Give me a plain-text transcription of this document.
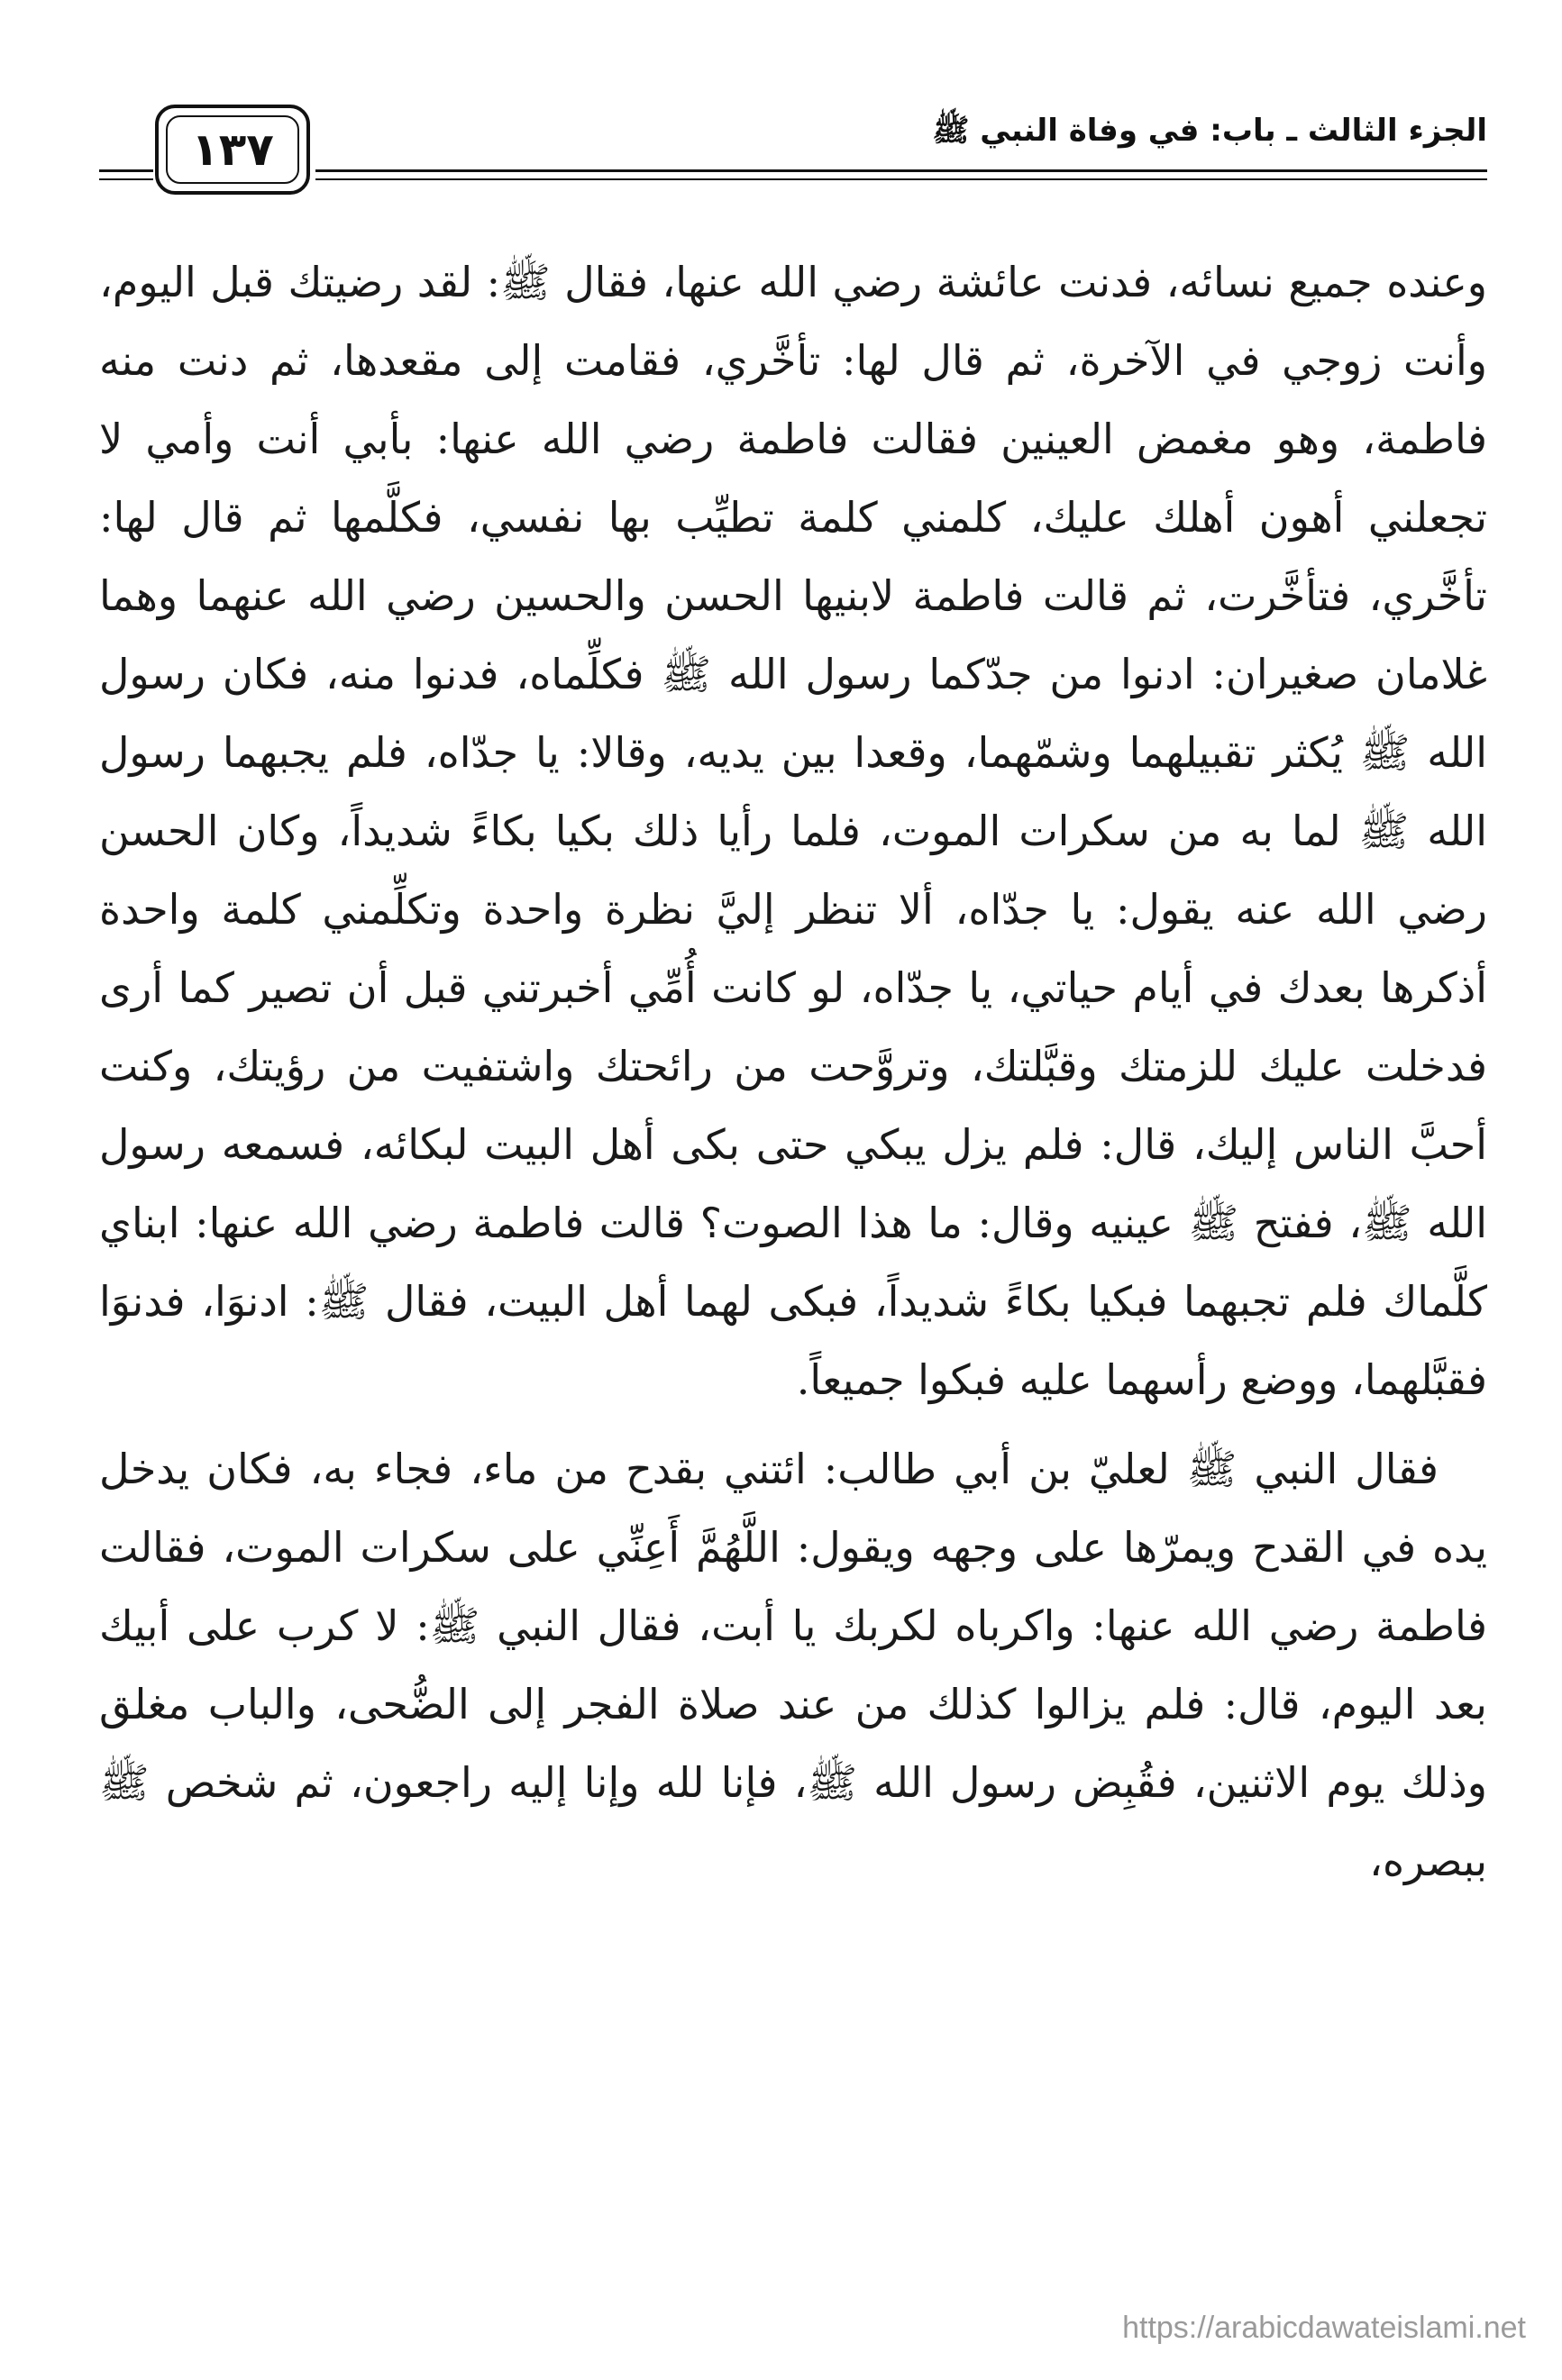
الجزء الثالث ـ باب: في وفاة النبي ﷺ
١٣٧

وعنده جميع نسائه، فدنت عائشة رضي الله عنها، فقال ﷺ: لقد رضيتك قبل اليوم، وأنت زوجي في الآخرة، ثم قال لها: تأخَّري، فقامت إلى مقعدها، ثم دنت منه فاطمة، وهو مغمض العينين فقالت فاطمة رضي الله عنها: بأبي أنت وأمي لا تجعلني أهون أهلك عليك، كلمني كلمة تطيِّب بها نفسي، فكلَّمها ثم قال لها: تأخَّري، فتأخَّرت، ثم قالت فاطمة لابنيها الحسن والحسين رضي الله عنهما وهما غلامان صغيران: ادنوا من جدّكما رسول الله ﷺ فكلِّماه، فدنوا منه، فكان رسول الله ﷺ يُكثر تقبيلهما وشمّهما، وقعدا بين يديه، وقالا: يا جدّاه، فلم يجبهما رسول الله ﷺ لما به من سكرات الموت، فلما رأيا ذلك بكيا بكاءً شديداً، وكان الحسن رضي الله عنه يقول: يا جدّاه، ألا تنظر إليَّ نظرة واحدة وتكلِّمني كلمة واحدة أذكرها بعدك في أيام حياتي، يا جدّاه، لو كانت أُمِّي أخبرتني قبل أن تصير كما أرى فدخلت عليك للزمتك وقبَّلتك، وتروَّحت من رائحتك واشتفيت من رؤيتك، وكنت أحبَّ الناس إليك، قال: فلم يزل يبكي حتى بكى أهل البيت لبكائه، فسمعه رسول الله ﷺ، ففتح ﷺ عينيه وقال: ما هذا الصوت؟ قالت فاطمة رضي الله عنها: ابناي كلَّماك فلم تجبهما فبكيا بكاءً شديداً، فبكى لهما أهل البيت، فقال ﷺ: ادنوَا، فدنوَا فقبَّلهما، ووضع رأسهما عليه فبكوا جميعاً.

فقال النبي ﷺ لعليّ بن أبي طالب: ائتني بقدح من ماء، فجاء به، فكان يدخل يده في القدح ويمرّها على وجهه ويقول: اللَّهُمَّ أَعِنِّي على سكرات الموت، فقالت فاطمة رضي الله عنها: واكرباه لكربك يا أبت، فقال النبي ﷺ: لا كرب على أبيك بعد اليوم، قال: فلم يزالوا كذلك من عند صلاة الفجر إلى الضُّحى، والباب مغلق وذلك يوم الاثنين، فقُبِض رسول الله ﷺ، فإنا لله وإنا إليه راجعون، ثم شخص ﷺ ببصره،

https://arabicdawateislami.net
